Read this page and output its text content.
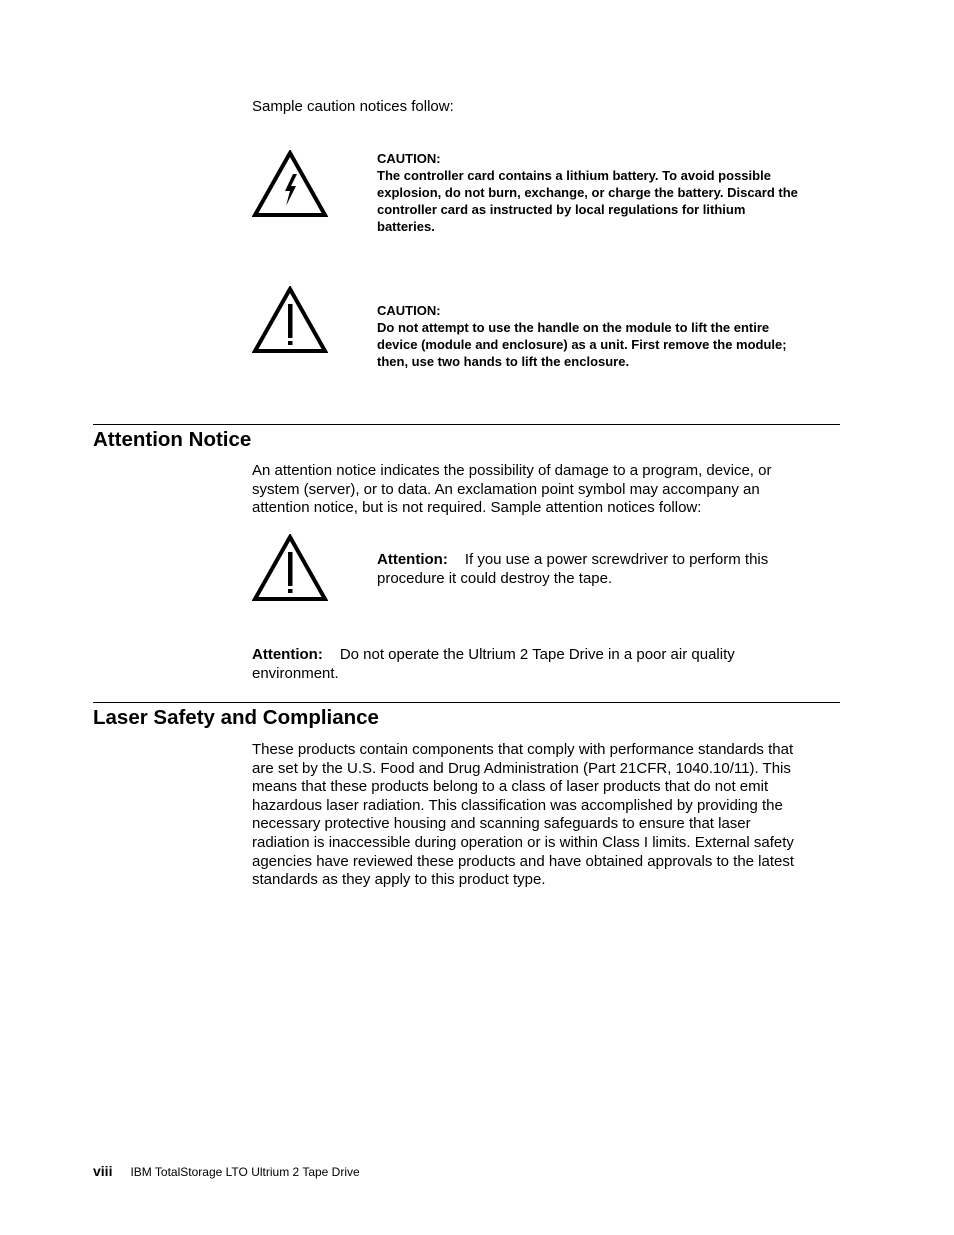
Sample caution notices follow:
CAUTION:
The controller card contains a lithium battery. To avoid possible
explosion, do not burn, exchange, or charge the battery. Discard the
controller card as instructed by local regulations for lithium
batteries.
CAUTION:
Do not attempt to use the handle on the module to lift the entire
device (module and enclosure) as a unit. First remove the module;
then, use two hands to lift the enclosure.
Attention Notice
An attention notice indicates the possibility of damage to a program, device, or
system (server), or to data. An exclamation point symbol may accompany an
attention notice, but is not required. Sample attention notices follow:
Attention: If you use a power screwdriver to perform this
procedure it could destroy the tape.
Attention: Do not operate the Ultrium 2 Tape Drive in a poor air quality
environment.
Laser Safety and Compliance
These products contain components that comply with performance standards that
are set by the U.S. Food and Drug Administration (Part 21CFR, 1040.10/11). This
means that these products belong to a class of laser products that do not emit
hazardous laser radiation. This classification was accomplished by providing the
necessary protective housing and scanning safeguards to ensure that laser
radiation is inaccessible during operation or is within Class I limits. External safety
agencies have reviewed these products and have obtained approvals to the latest
standards as they apply to this product type.
viii IBM TotalStorage LTO Ultrium 2 Tape Drive
